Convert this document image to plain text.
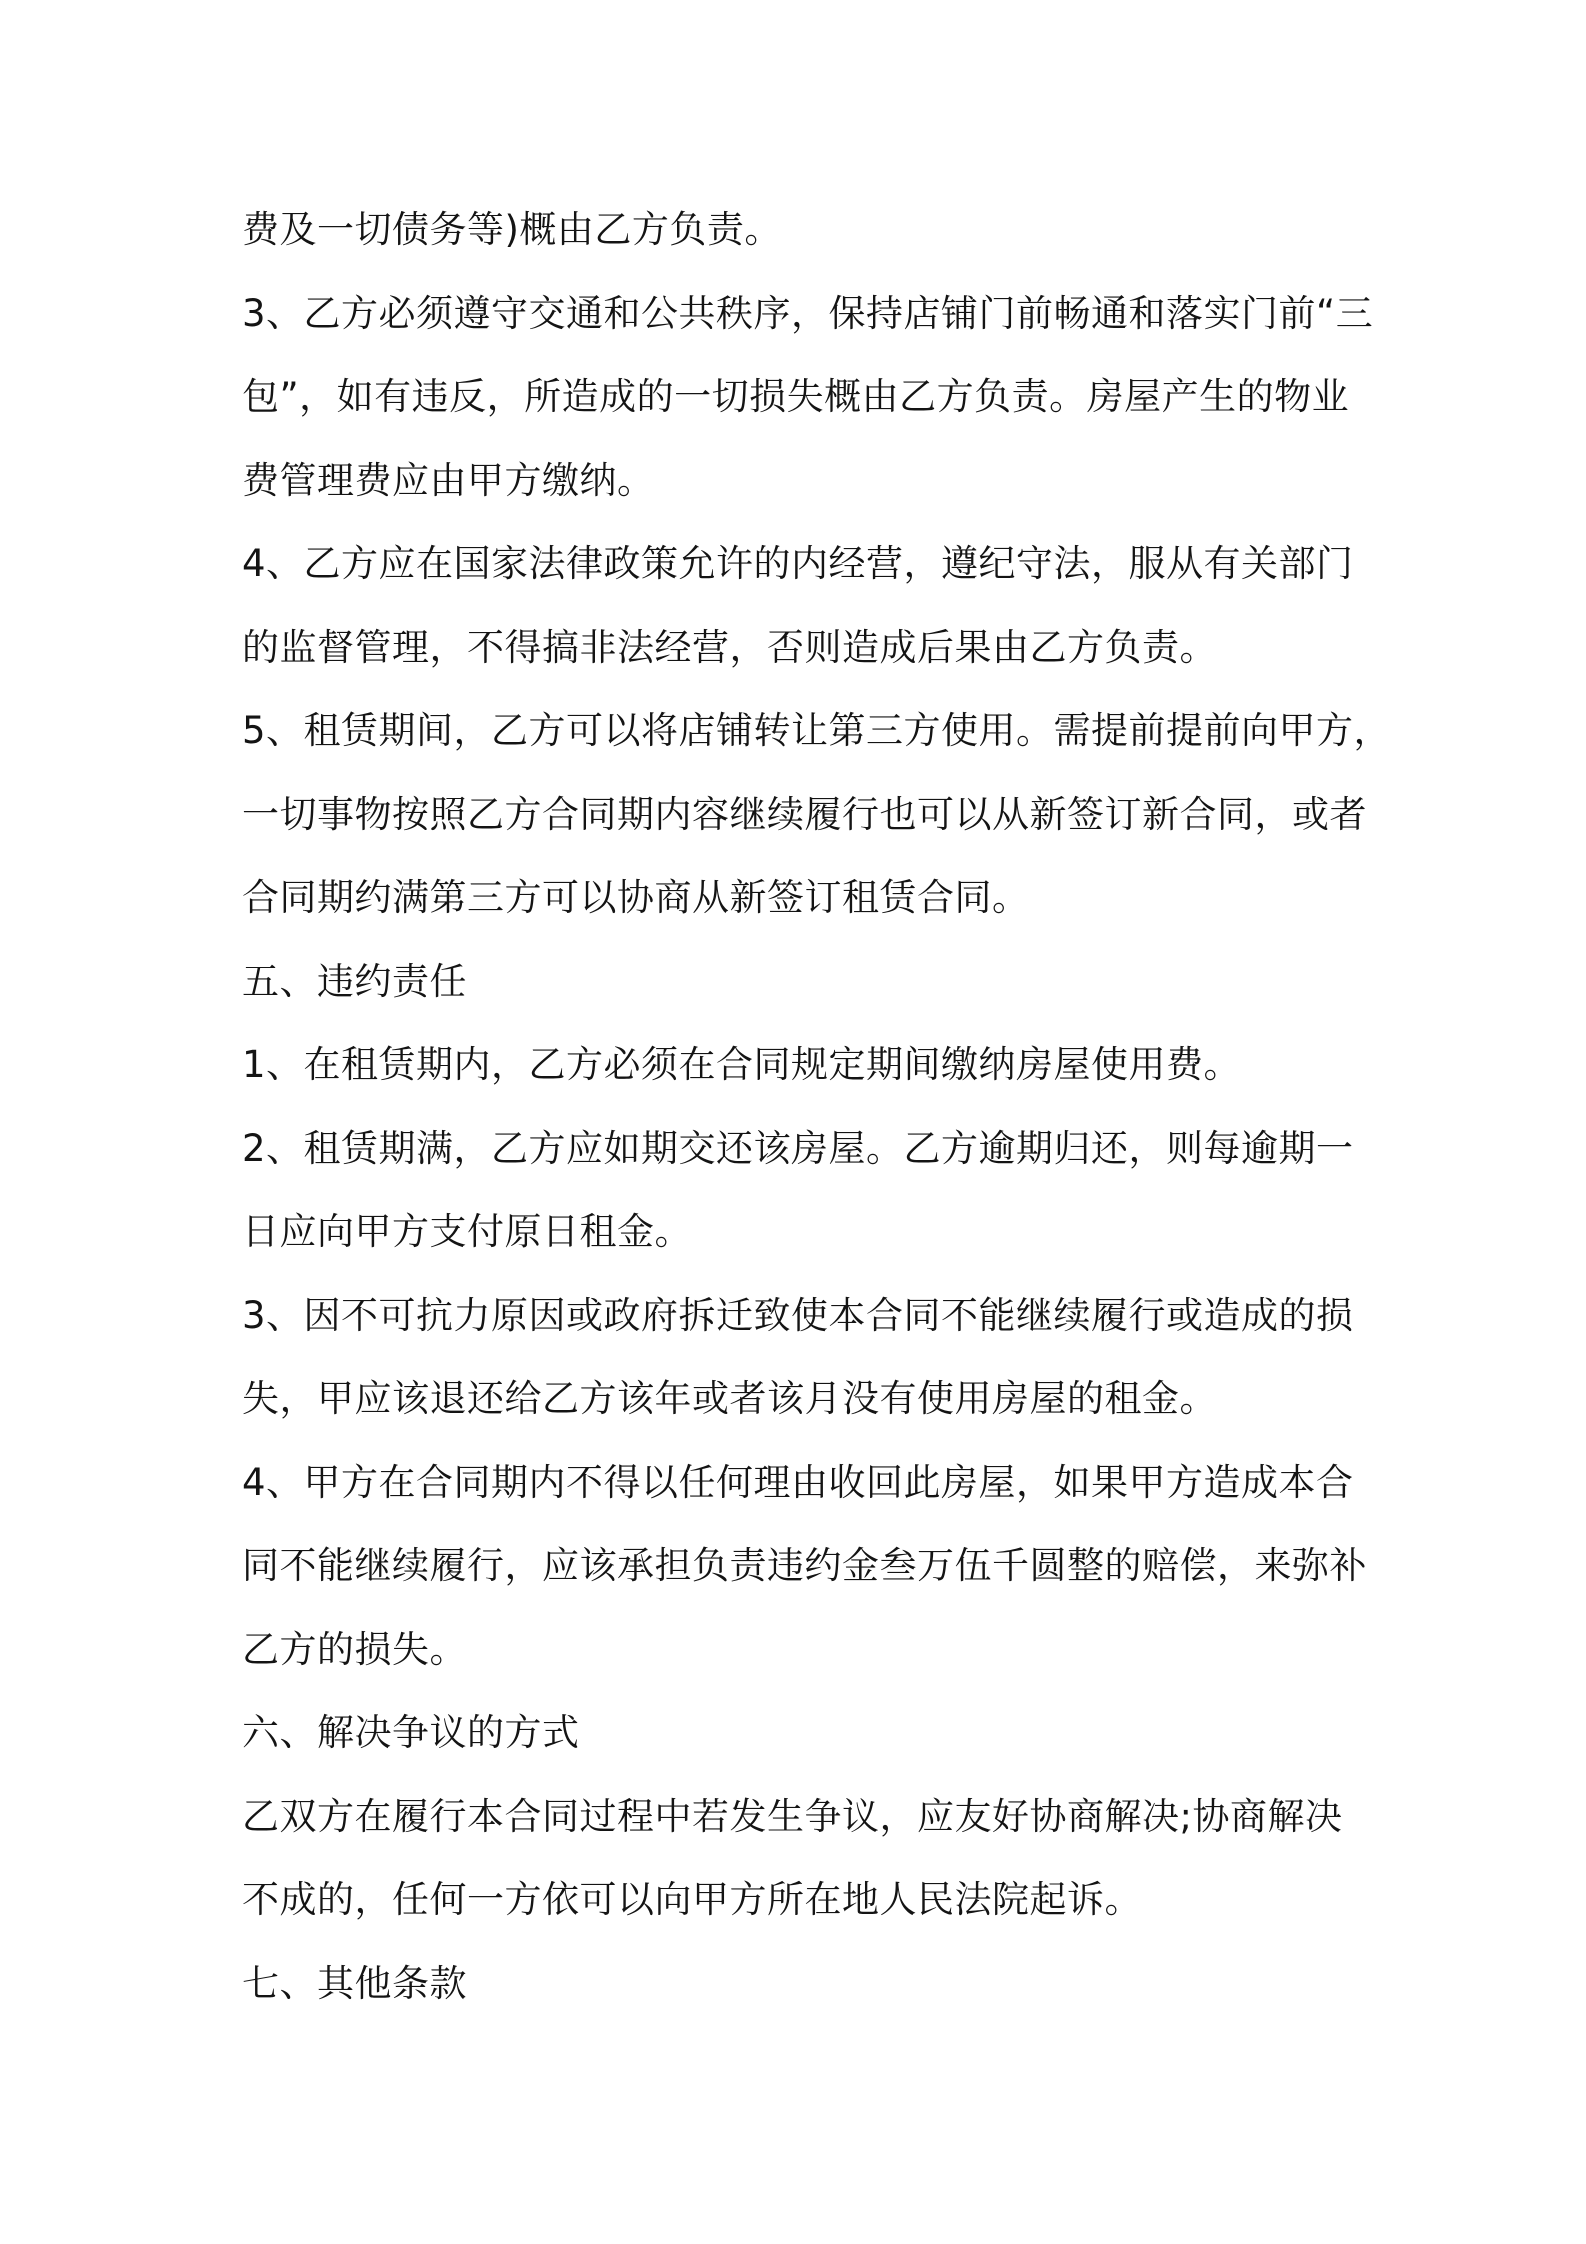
费及一切债务等)概由乙方负责。
3、乙方必须遵守交通和公共秩序，保持店铺门前畅通和落实门前“三
包”，如有违反，所造成的一切损失概由乙方负责。房屋产生的物业
费管理费应由甲方缴纳。
4、乙方应在国家法律政策允许的内经营，遵纪守法，服从有关部门
的监督管理，不得搞非法经营，否则造成后果由乙方负责。
5、租赁期间，乙方可以将店铺转让第三方使用。需提前提前向甲方，
一切事物按照乙方合同期内容继续履行也可以从新签订新合同，或者
合同期约满第三方可以协商从新签订租赁合同。
五、违约责任
1、在租赁期内，乙方必须在合同规定期间缴纳房屋使用费。
2、租赁期满，乙方应如期交还该房屋。乙方逾期归还，则每逾期一
日应向甲方支付原日租金。
3、因不可抗力原因或政府拆迁致使本合同不能继续履行或造成的损
失，甲应该退还给乙方该年或者该月没有使用房屋的租金。
4、甲方在合同期内不得以任何理由收回此房屋，如果甲方造成本合
同不能继续履行，应该承担负责违约金叁万伍千圆整的赔偿，来弥补
乙方的损失。
六、解决争议的方式
乙双方在履行本合同过程中若发生争议，应友好协商解决;协商解决
不成的，任何一方依可以向甲方所在地人民法院起诉。
七、其他条款
